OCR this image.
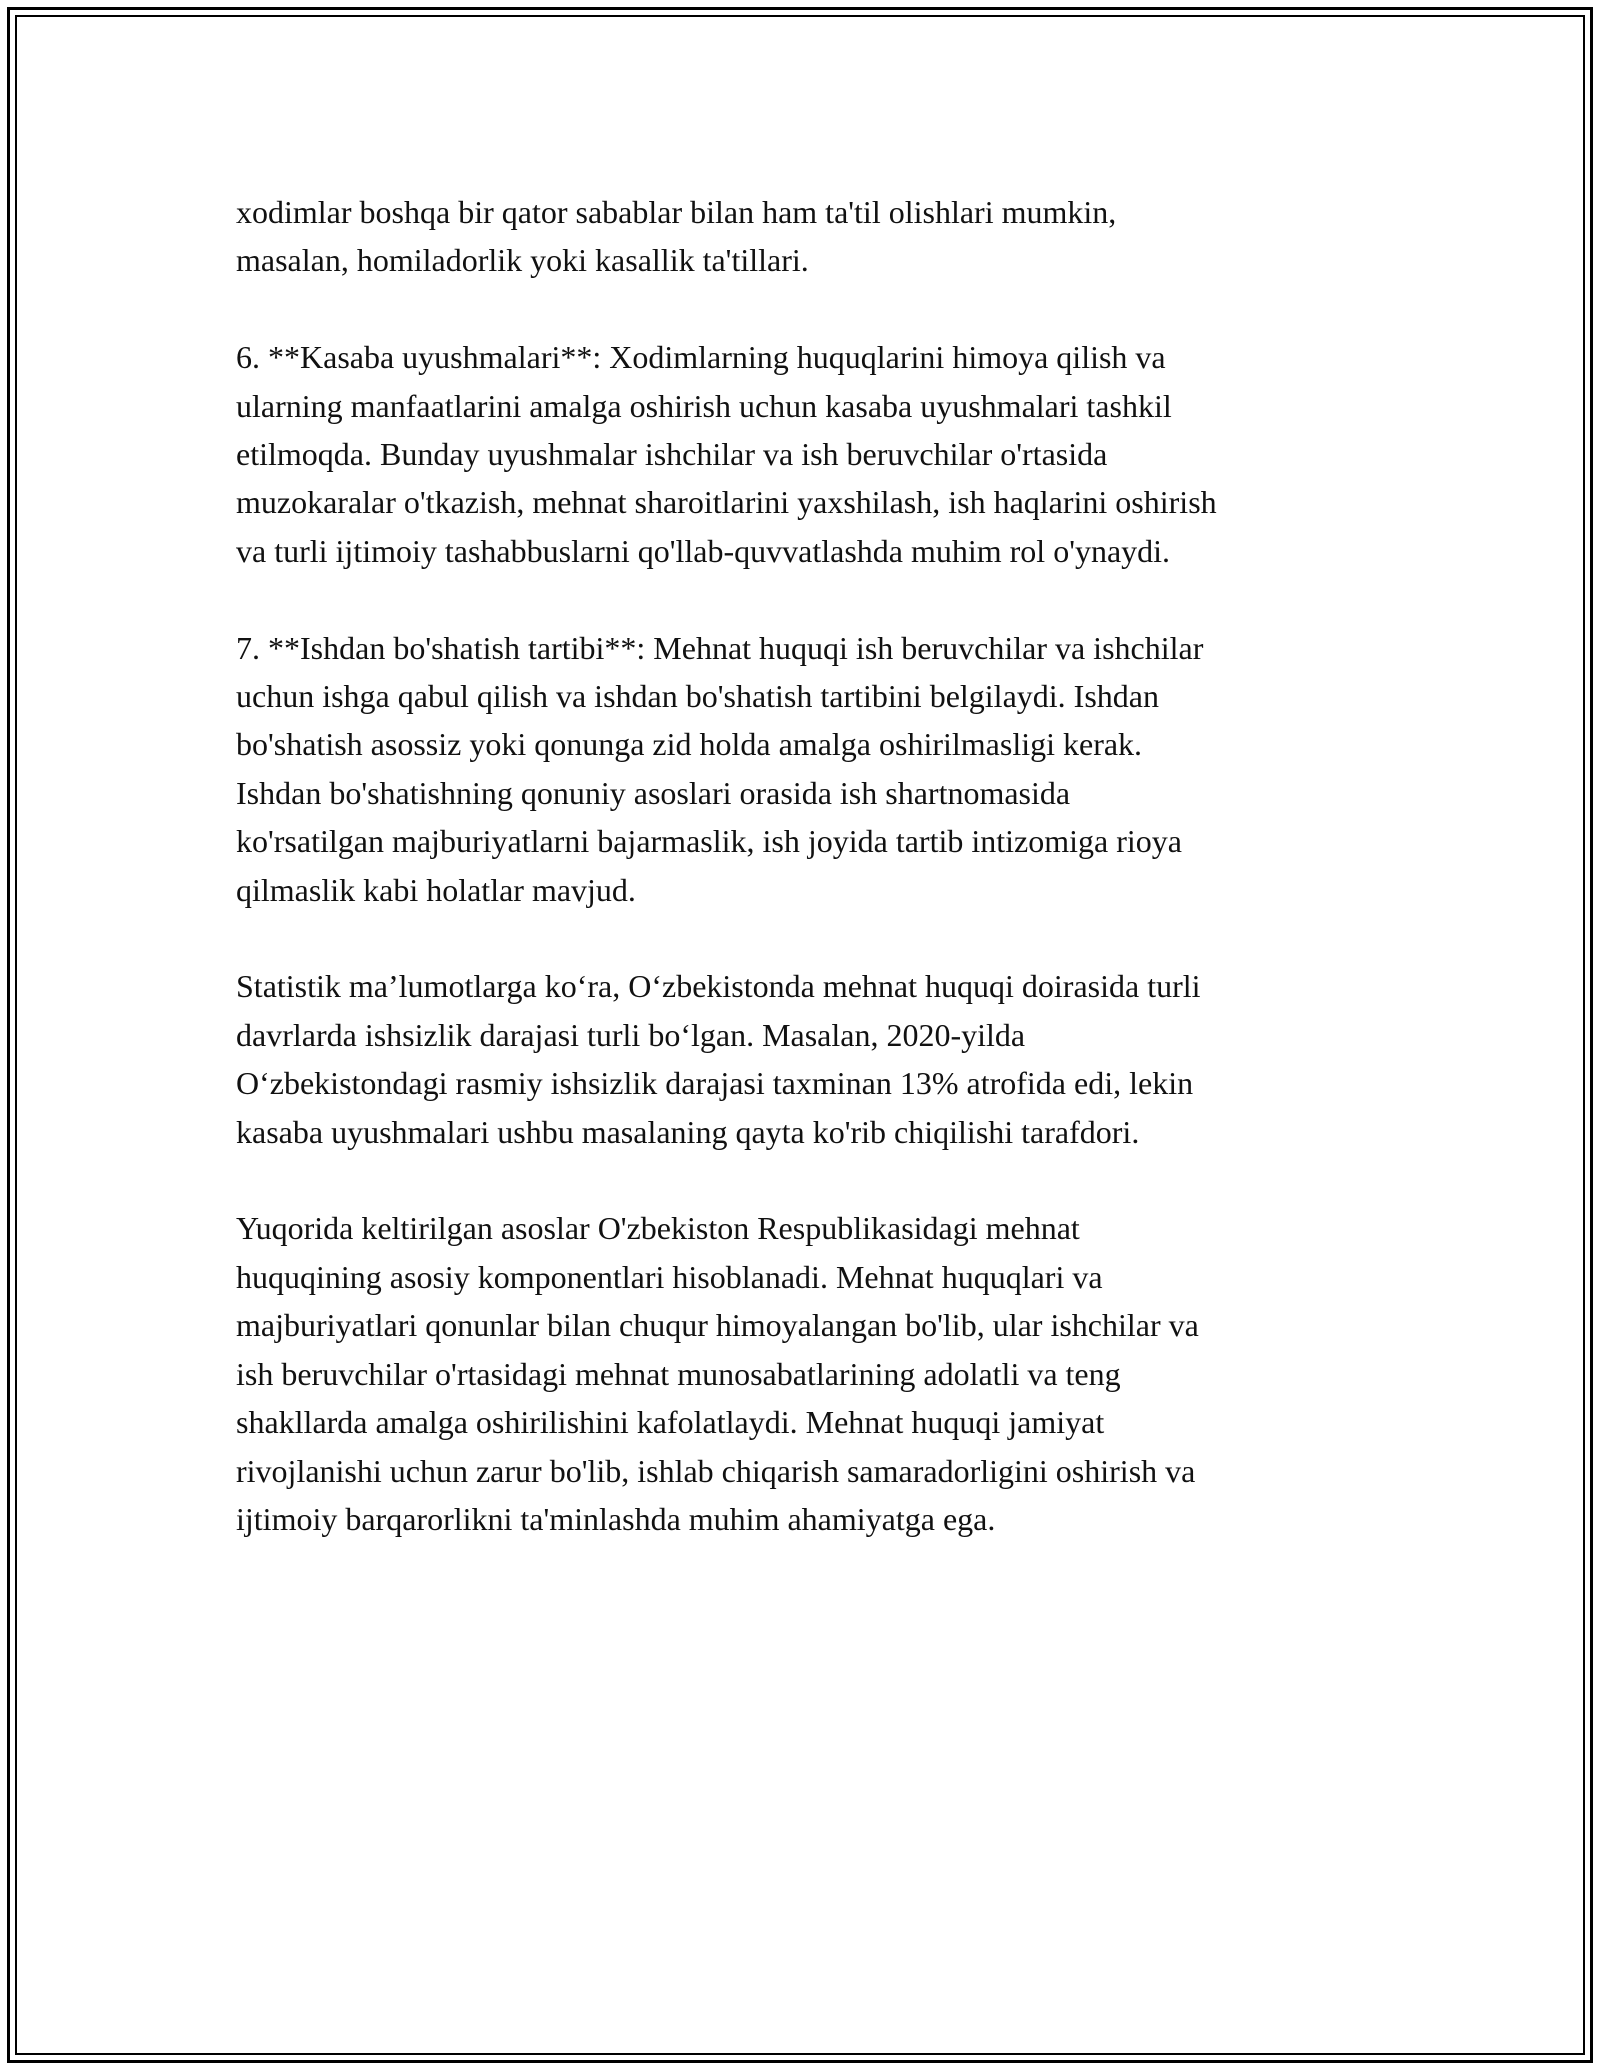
xodimlar boshqa bir qator sabablar bilan ham ta'til olishlari mumkin,
masalan, homiladorlik yoki kasallik ta'tillari.

6. **Kasaba uyushmalari**: Xodimlarning huquqlarini himoya qilish va
ularning manfaatlarini amalga oshirish uchun kasaba uyushmalari tashkil
etilmoqda. Bunday uyushmalar ishchilar va ish beruvchilar o'rtasida
muzokaralar o'tkazish, mehnat sharoitlarini yaxshilash, ish haqlarini oshirish
va turli ijtimoiy tashabbuslarni qo'llab-quvvatlashda muhim rol o'ynaydi.

7. **Ishdan bo'shatish tartibi**: Mehnat huquqi ish beruvchilar va ishchilar
uchun ishga qabul qilish va ishdan bo'shatish tartibini belgilaydi. Ishdan
bo'shatish asossiz yoki qonunga zid holda amalga oshirilmasligi kerak.
Ishdan bo'shatishning qonuniy asoslari orasida ish shartnomasida
ko'rsatilgan majburiyatlarni bajarmaslik, ish joyida tartib intizomiga rioya
qilmaslik kabi holatlar mavjud.

Statistik ma’lumotlarga ko‘ra, O‘zbekistonda mehnat huquqi doirasida turli
davrlarda ishsizlik darajasi turli bo‘lgan. Masalan, 2020-yilda
O‘zbekistondagi rasmiy ishsizlik darajasi taxminan 13% atrofida edi, lekin
kasaba uyushmalari ushbu masalaning qayta ko'rib chiqilishi tarafdori.

Yuqorida keltirilgan asoslar O'zbekiston Respublikasidagi mehnat
huquqining asosiy komponentlari hisoblanadi. Mehnat huquqlari va
majburiyatlari qonunlar bilan chuqur himoyalangan bo'lib, ular ishchilar va
ish beruvchilar o'rtasidagi mehnat munosabatlarining adolatli va teng
shakllarda amalga oshirilishini kafolatlaydi. Mehnat huquqi jamiyat
rivojlanishi uchun zarur bo'lib, ishlab chiqarish samaradorligini oshirish va
ijtimoiy barqarorlikni ta'minlashda muhim ahamiyatga ega.
